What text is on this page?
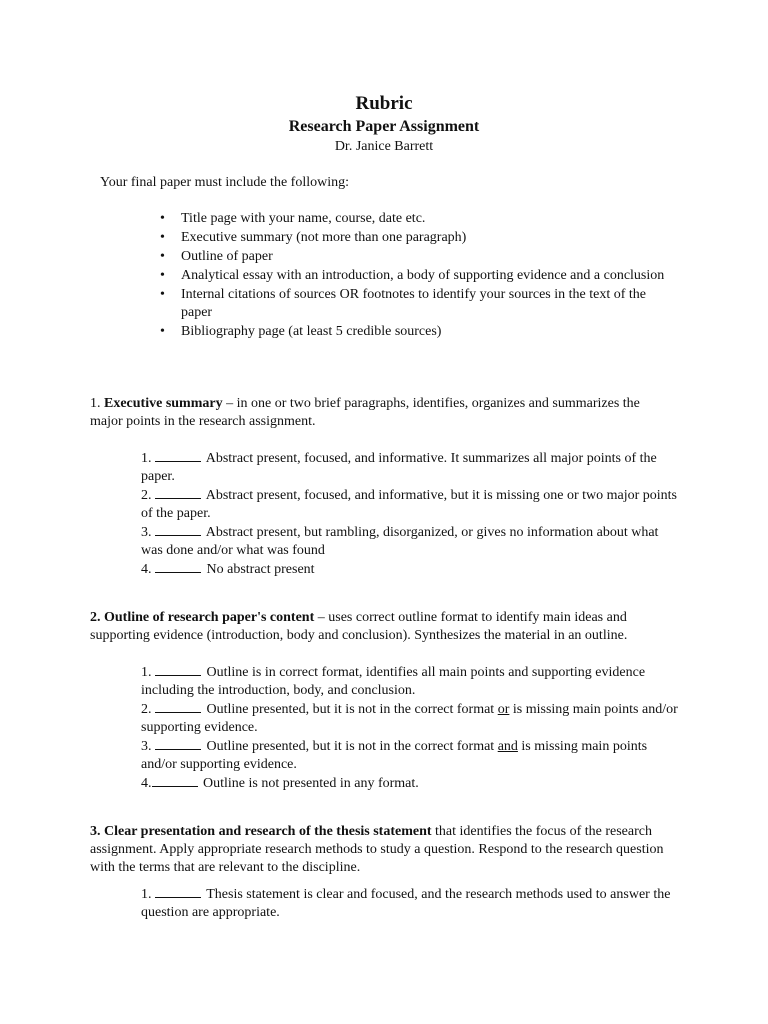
Rubric
Research Paper Assignment
Dr. Janice Barrett
Your final paper must include the following:
• Title page with your name, course, date etc.
• Executive summary (not more than one paragraph)
• Outline of paper
• Analytical essay with an introduction, a body of supporting evidence and a conclusion
• Internal citations of sources OR footnotes to identify your sources in the text of the paper
• Bibliography page (at least 5 credible sources)
1. Executive summary – in one or two brief paragraphs, identifies, organizes and summarizes the major points in the research assignment.
1.	Abstract present, focused, and informative. It summarizes all major points of the paper.
2.	Abstract present, focused, and informative, but it is missing one or two major points of the paper.
3.	Abstract present, but rambling, disorganized, or gives no information about what was done and/or what was found
4.	No abstract present
2. Outline of research paper's content – uses correct outline format to identify main ideas and supporting evidence (introduction, body and conclusion). Synthesizes the material in an outline.
1.	Outline is in correct format, identifies all main points and supporting evidence including the introduction, body, and conclusion.
2.	Outline presented, but it is not in the correct format or is missing main points and/or supporting evidence.
3.	Outline presented, but it is not in the correct format and is missing main points and/or supporting evidence.
4.	Outline is not presented in any format.
3. Clear presentation and research of the thesis statement that identifies the focus of the research assignment. Apply appropriate research methods to study a question. Respond to the research question with the terms that are relevant to the discipline.
1.	Thesis statement is clear and focused, and the research methods used to answer the question are appropriate.
